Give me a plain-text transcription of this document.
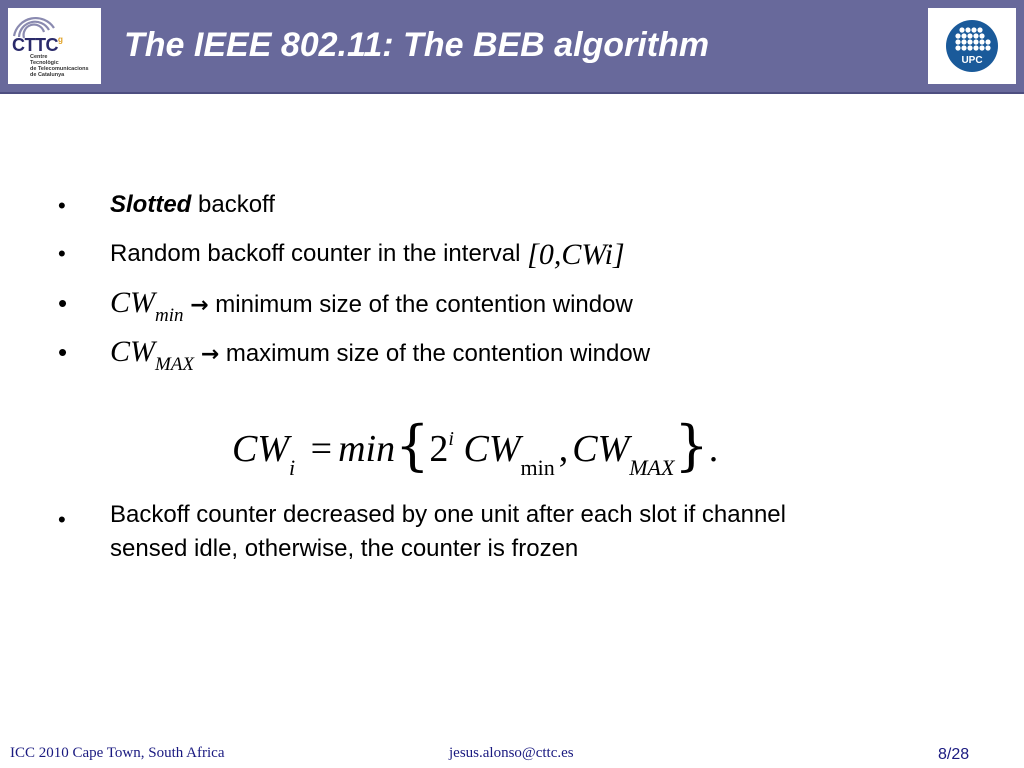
$CTTC^ᵍ$
Centre
Tecnològic
de Telecomunicacions
de Catalunya
The IEEE 802.11: The BEB algorithm	UPC
• Slotted backoff
• Random backoff counter in the interval [0,CWi]
• $CW_{min}$ → minimum size of the contention window
• $CW_{MAX}$ → maximum size of the contention window
$CW_i = \min\{2^i$ $CW_{min}$ , $CW_{MAX}$}.
• Backoff counter decreased by one unit after each slot if channel
sensed idle, otherwise, the counter is frozen
ICC 2010 Cape Town, South Africa	jesus.alonso@cttc.es	8/28
